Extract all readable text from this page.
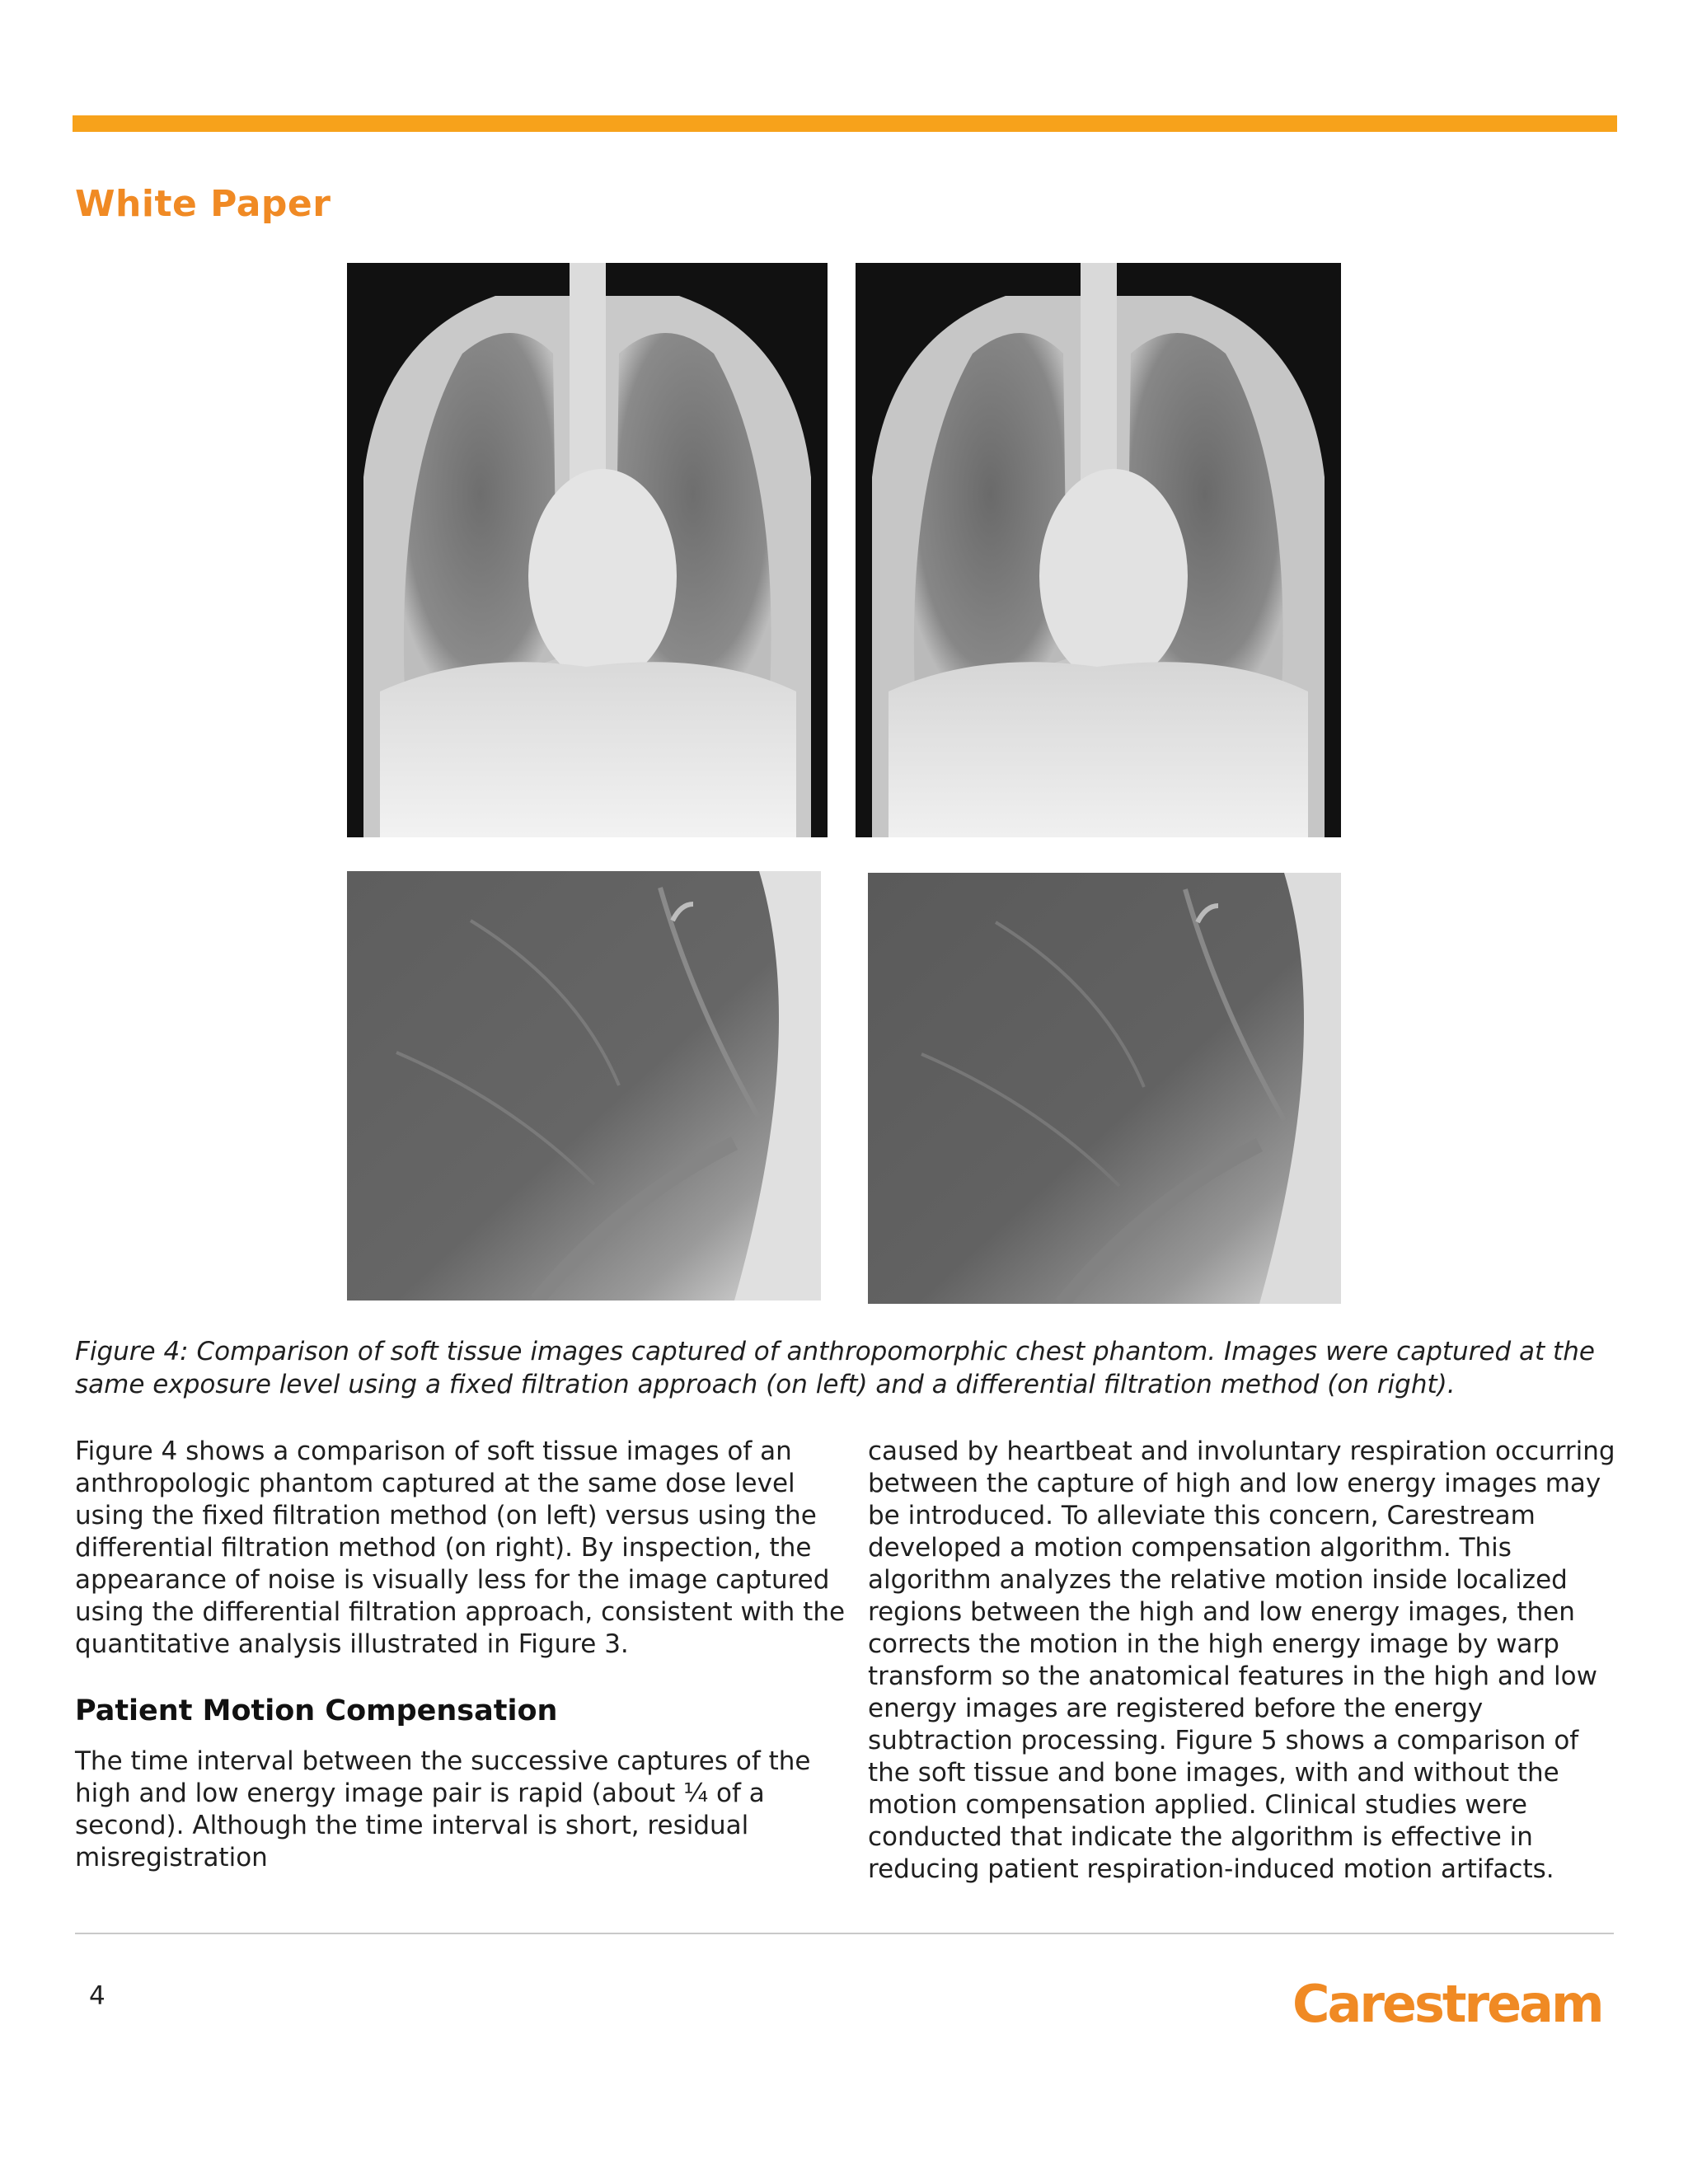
White Paper
Figure 4: Comparison of soft tissue images captured of anthropomorphic chest phantom. Images were captured at the same exposure level using a fixed filtration approach (on left) and a differential filtration method (on right).

Figure 4 shows a comparison of soft tissue images of an anthropologic phantom captured at the same dose level using the fixed filtration method (on left) versus using the differential filtration method (on right). By inspection, the appearance of noise is visually less for the image captured using the differential filtration approach, consistent with the quantitative analysis illustrated in Figure 3.

Patient Motion Compensation

The time interval between the successive captures of the high and low energy image pair is rapid (about ¼ of a second). Although the time interval is short, residual misregistration

caused by heartbeat and involuntary respiration occurring between the capture of high and low energy images may be introduced. To alleviate this concern, Carestream developed a motion compensation algorithm. This algorithm analyzes the relative motion inside localized regions between the high and low energy images, then corrects the motion in the high energy image by warp transform so the anatomical features in the high and low energy images are registered before the energy subtraction processing. Figure 5 shows a comparison of the soft tissue and bone images, with and without the motion compensation applied. Clinical studies were conducted that indicate the algorithm is effective in reducing patient respiration-induced motion artifacts.

4	Carestream
